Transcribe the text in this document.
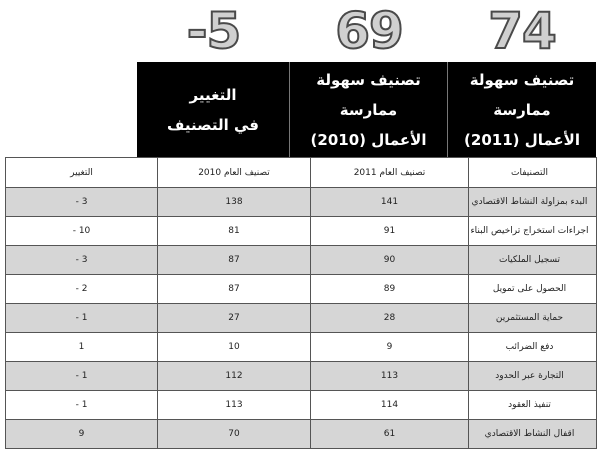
74
69
-5
تصنيف سهولة ممارسة
الأعمال (2011)
تصنيف سهولة ممارسة
الأعمال (2010)
التغيير
في التصنيف
التغيير	تصنيف العام 2010	تصنيف العام 2011	التصنيفات
3 -	138	141	البدء بمزاولة النشاط الاقتصادي
10 -	81	91	اجراءات استخراج تراخيص البناء
3 -	87	90	تسجيل الملكيات
2 -	87	89	الحصول على تمويل
1 -	27	28	حماية المستثمرين
1	10	9	دفع الضرائب
1 -	112	113	التجارة عبر الحدود
1 -	113	114	تنفيذ العقود
9	70	61	اقفال النشاط الاقتصادي
